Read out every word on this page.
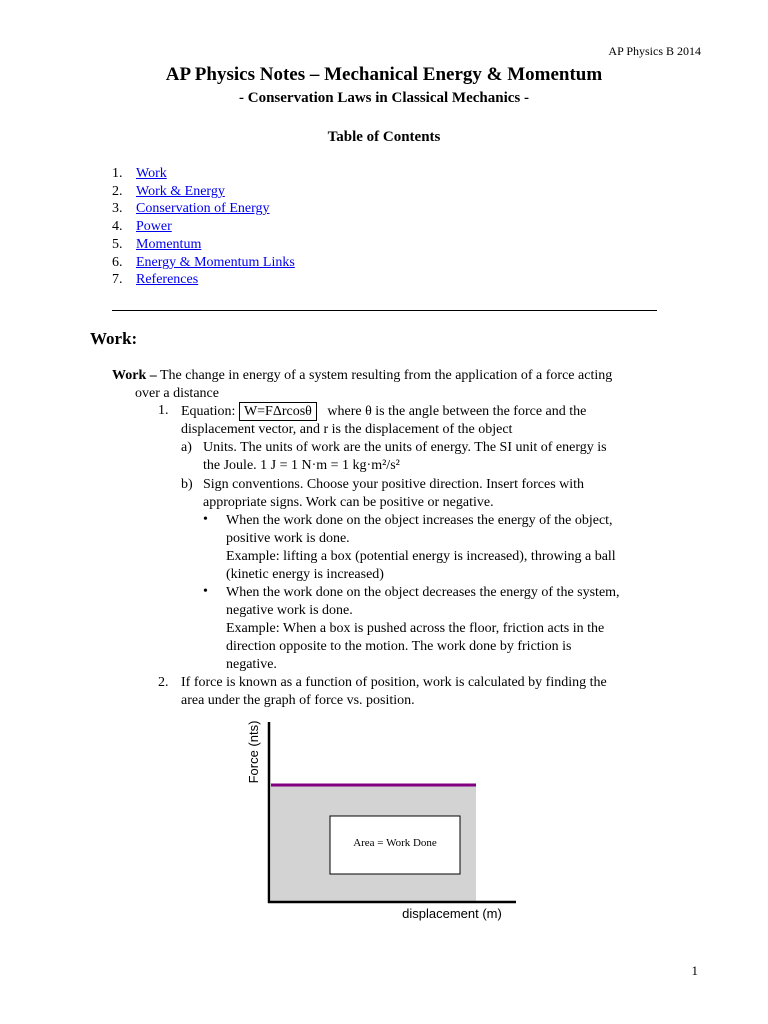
AP Physics B 2014
AP Physics Notes – Mechanical Energy & Momentum
- Conservation Laws in Classical Mechanics -
Table of Contents
1. Work
2. Work & Energy
3. Conservation of Energy
4. Power
5. Momentum
6. Energy & Momentum Links
7. References
Work:
Work – The change in energy of a system resulting from the application of a force acting
over a distance
1. Equation: W=FΔrcosθ where θ is the angle between the force and the
displacement vector, and r is the displacement of the object
a) Units. The units of work are the units of energy. The SI unit of energy is
the Joule. 1 J = 1 N·m = 1 kg·m²/s²
b) Sign conventions. Choose your positive direction. Insert forces with
appropriate signs. Work can be positive or negative.
• When the work done on the object increases the energy of the object,
positive work is done.
Example: lifting a box (potential energy is increased), throwing a ball
(kinetic energy is increased)
• When the work done on the object decreases the energy of the system,
negative work is done.
Example: When a box is pushed across the floor, friction acts in the
direction opposite to the motion. The work done by friction is
negative.
2. If force is known as a function of position, work is calculated by finding the
area under the graph of force vs. position.
Area = Work Done
Force (nts)
displacement (m)
1
